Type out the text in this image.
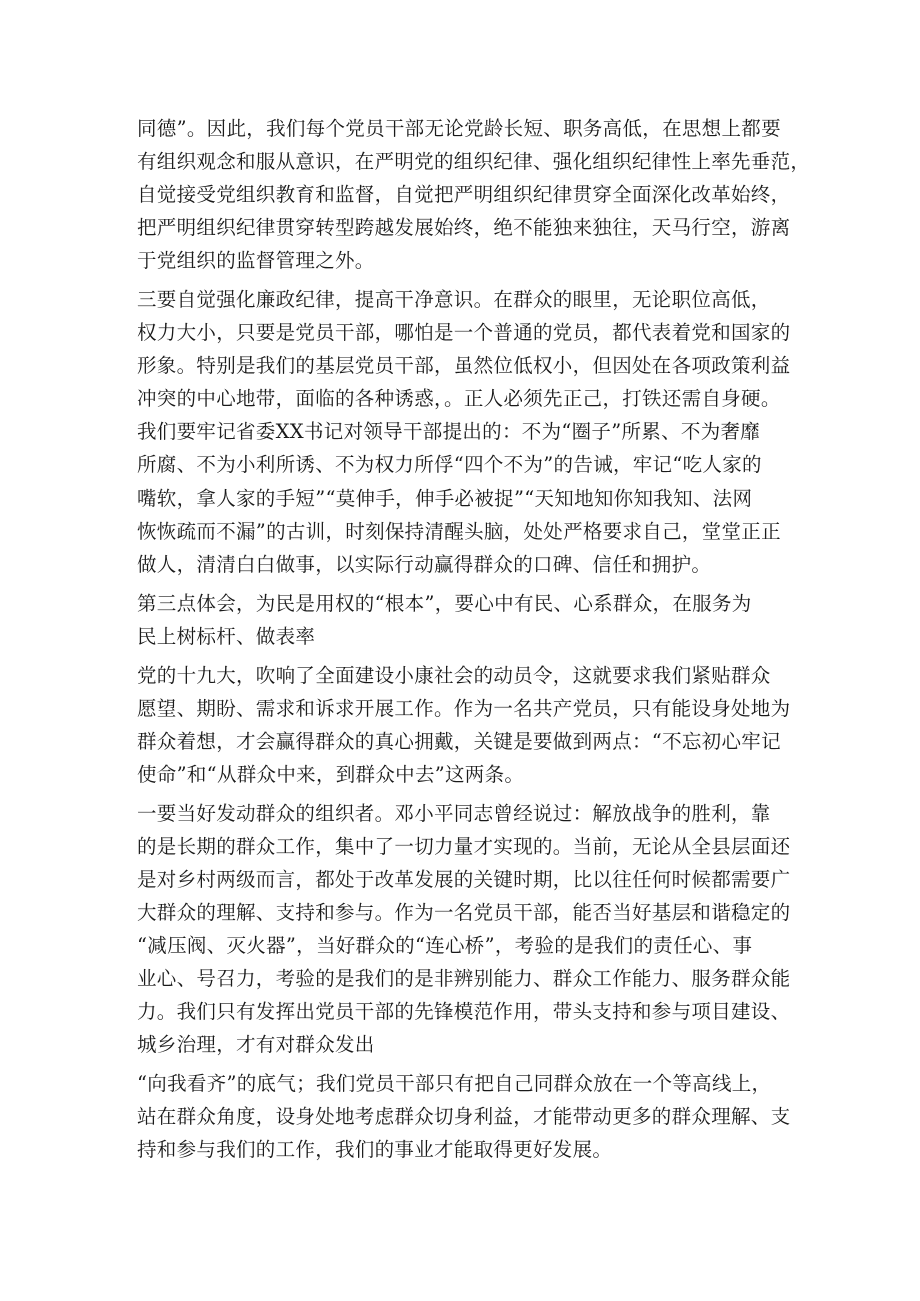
同德”。因此，我们每个党员干部无论党龄长短、职务高低，在思想上都要
有组织观念和服从意识，在严明党的组织纪律、强化组织纪律性上率先垂范，
自觉接受党组织教育和监督，自觉把严明组织纪律贯穿全面深化改革始终，
把严明组织纪律贯穿转型跨越发展始终，绝不能独来独往，天马行空，游离
于党组织的监督管理之外。
三要自觉强化廉政纪律，提高干净意识。在群众的眼里，无论职位高低，
权力大小，只要是党员干部，哪怕是一个普通的党员，都代表着党和国家的
形象。特别是我们的基层党员干部，虽然位低权小，但因处在各项政策利益
冲突的中心地带，面临的各种诱惑，。正人必须先正己，打铁还需自身硬。
我们要牢记省委XX书记对领导干部提出的：不为“圈子”所累、不为奢靡
所腐、不为小利所诱、不为权力所俘“四个不为”的告诫，牢记“吃人家的
嘴软，拿人家的手短”“莫伸手，伸手必被捉”“天知地知你知我知、法网
恢恢疏而不漏”的古训，时刻保持清醒头脑，处处严格要求自己，堂堂正正
做人，清清白白做事，以实际行动赢得群众的口碑、信任和拥护。
第三点体会，为民是用权的“根本”，要心中有民、心系群众，在服务为
民上树标杆、做表率
党的十九大，吹响了全面建设小康社会的动员令，这就要求我们紧贴群众
愿望、期盼、需求和诉求开展工作。作为一名共产党员，只有能设身处地为
群众着想，才会赢得群众的真心拥戴，关键是要做到两点：“不忘初心牢记
使命”和“从群众中来，到群众中去”这两条。
一要当好发动群众的组织者。邓小平同志曾经说过：解放战争的胜利，靠
的是长期的群众工作，集中了一切力量才实现的。当前，无论从全县层面还
是对乡村两级而言，都处于改革发展的关键时期，比以往任何时候都需要广
大群众的理解、支持和参与。作为一名党员干部，能否当好基层和谐稳定的
“减压阀、灭火器”，当好群众的“连心桥”，考验的是我们的责任心、事
业心、号召力，考验的是我们的是非辨别能力、群众工作能力、服务群众能
力。我们只有发挥出党员干部的先锋模范作用，带头支持和参与项目建设、
城乡治理，才有对群众发出
“向我看齐”的底气；我们党员干部只有把自己同群众放在一个等高线上，
站在群众角度，设身处地考虑群众切身利益，才能带动更多的群众理解、支
持和参与我们的工作，我们的事业才能取得更好发展。
